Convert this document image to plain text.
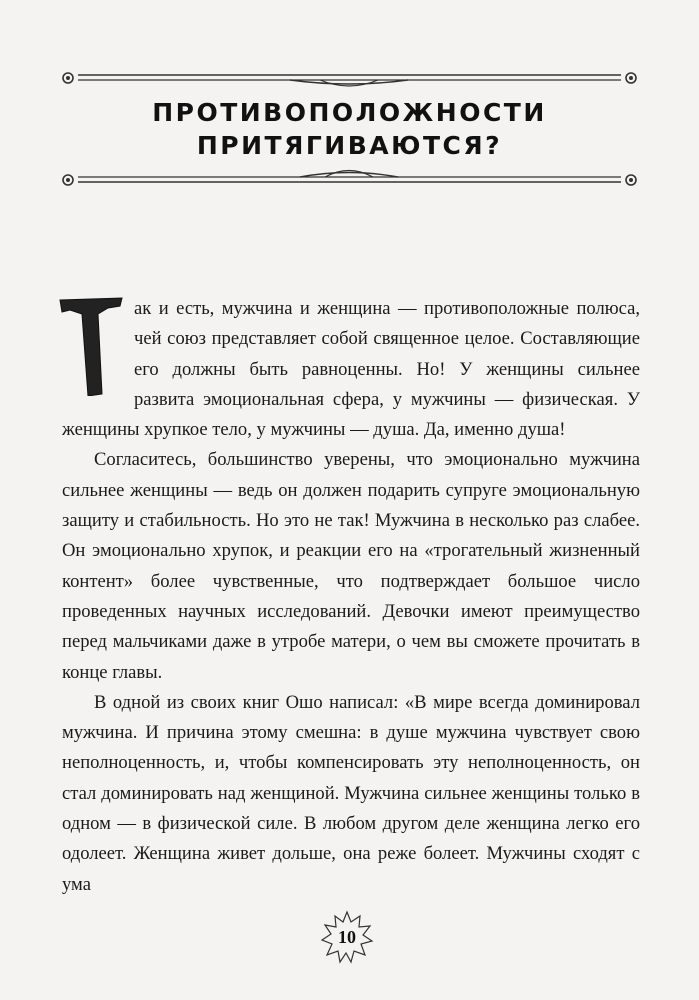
ПРОТИВОПОЛОЖНОСТИ
ПРИТЯГИВАЮТСЯ?

ак и есть, мужчина и женщина — противоположные полюса, чей союз представляет собой священное целое. Составляющие его должны быть равноценны. Но! У женщины сильнее развита эмоциональная сфера, у мужчины — физическая. У женщины хрупкое тело, у мужчины — душа. Да, именно душа!

Согласитесь, большинство уверены, что эмоционально мужчина сильнее женщины — ведь он должен подарить супруге эмоциональную защиту и стабильность. Но это не так! Мужчина в несколько раз слабее. Он эмоционально хрупок, и реакции его на «трогательный жизненный контент» более чувственные, что подтверждает большое число проведенных научных исследований. Девочки имеют преимущество перед мальчиками даже в утробе матери, о чем вы сможете прочитать в конце главы.

В одной из своих книг Ошо написал: «В мире всегда доминировал мужчина. И причина этому смешна: в душе мужчина чувствует свою неполноценность, и, чтобы компенсировать эту неполноценность, он стал доминировать над женщиной. Мужчина сильнее женщины только в одном — в физической силе. В любом другом деле женщина легко его одолеет. Женщина живет дольше, она реже болеет. Мужчины сходят с ума

10
